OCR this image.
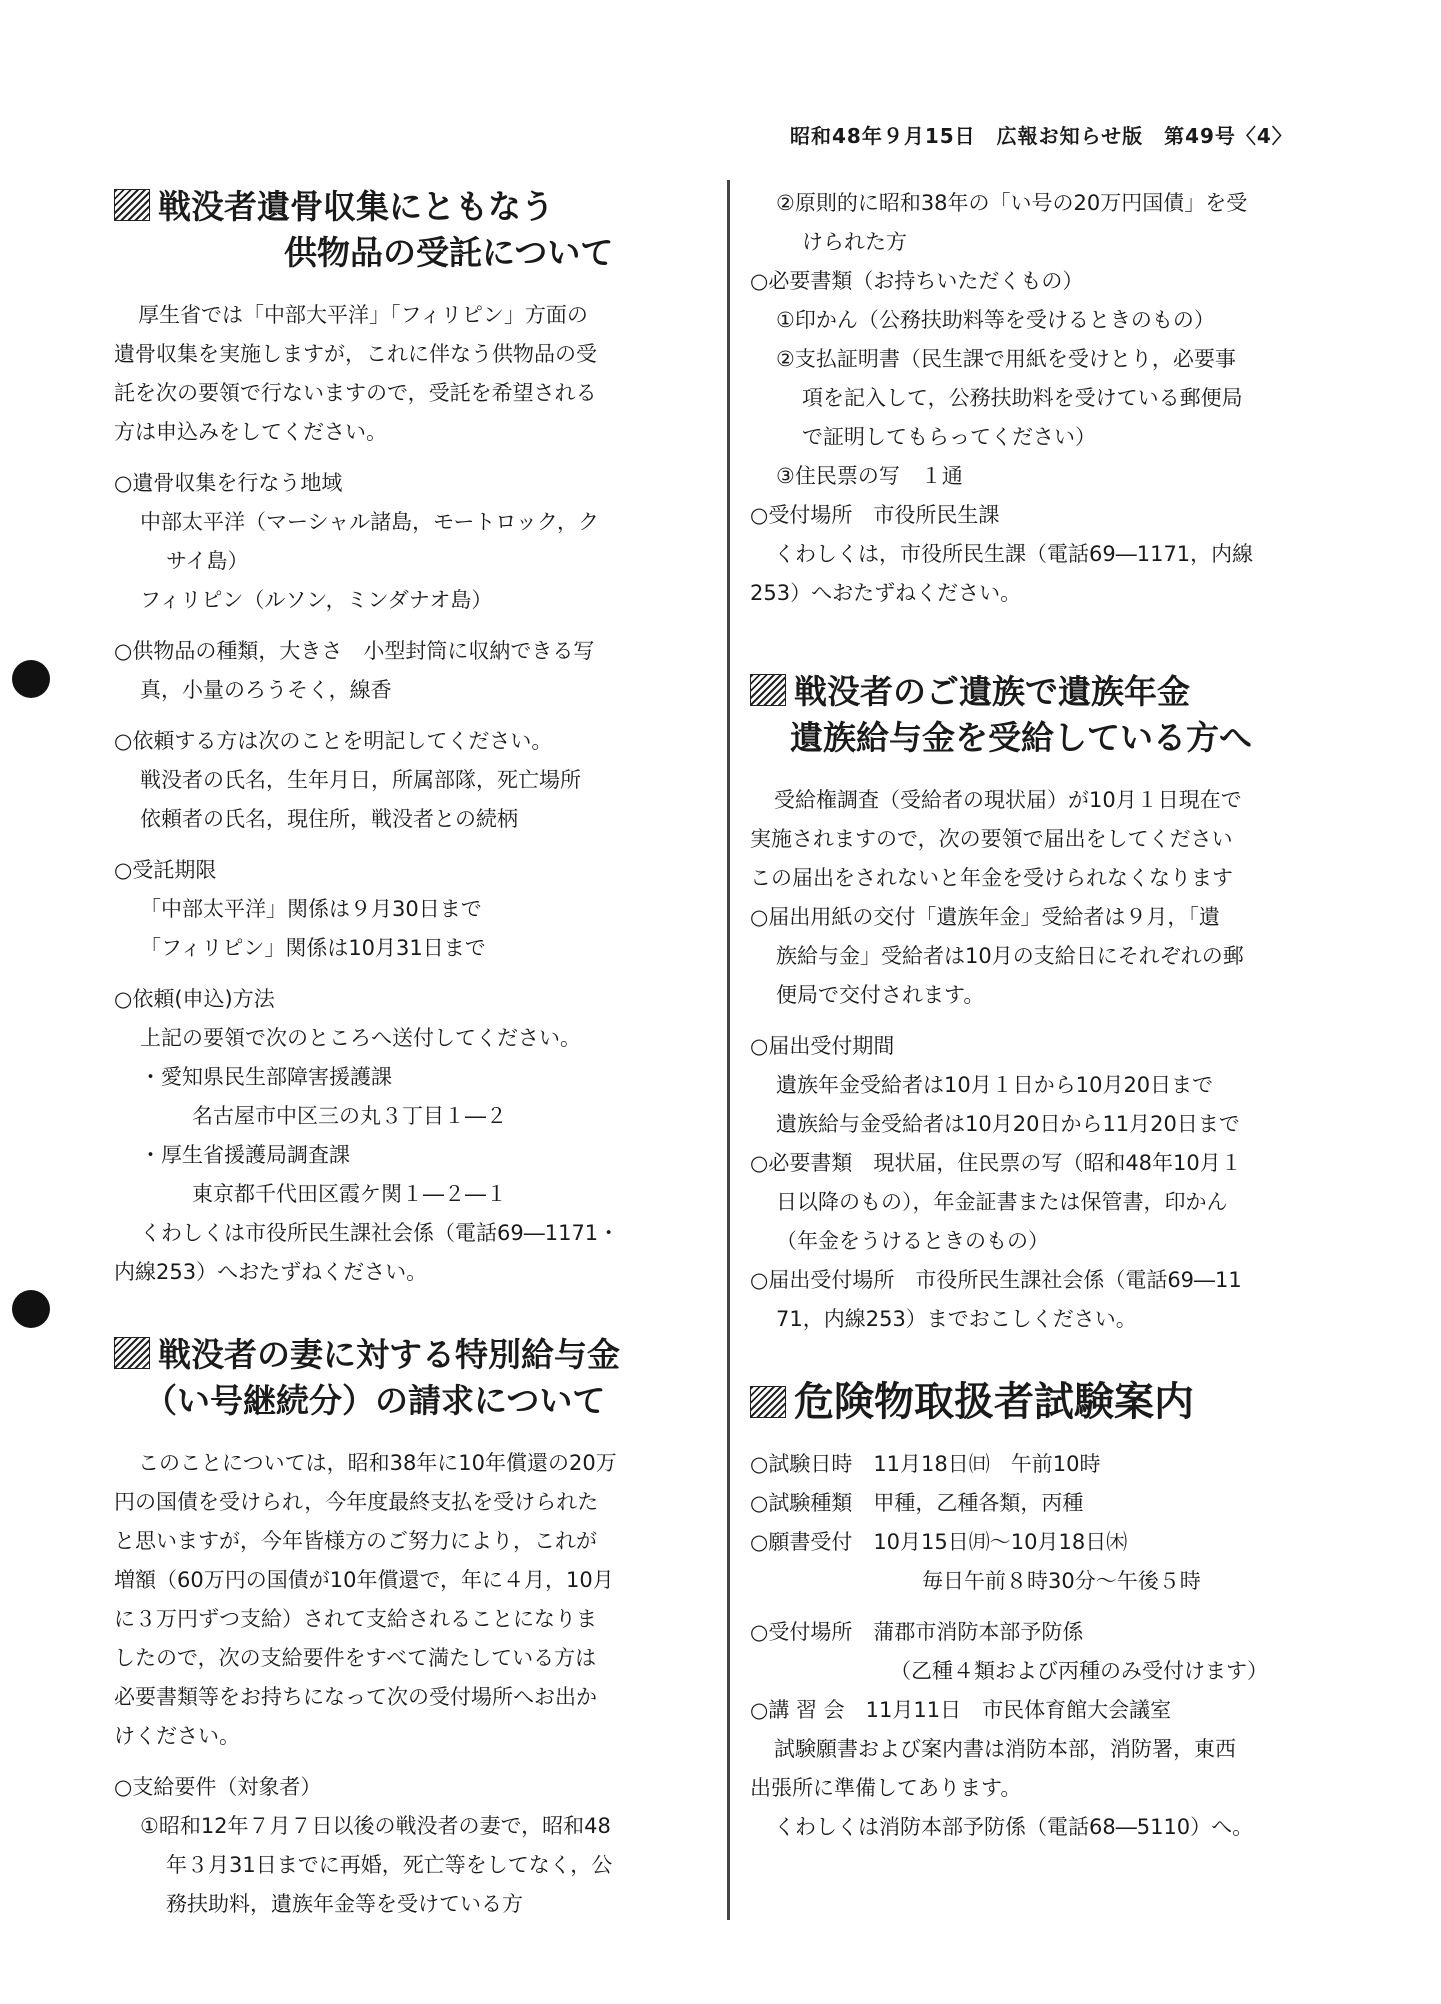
昭和48年９月15日　広報お知らせ版　第49号〈4〉
戦没者遺骨収集にともなう
供物品の受託について

厚生省では「中部大平洋」「フィリピン」方面の

遺骨収集を実施しますが，これに伴なう供物品の受

託を次の要領で行ないますので，受託を希望される

方は申込みをしてください。

○遺骨収集を行なう地域

中部太平洋（マーシャル諸島，モートロック，ク

サイ島）

フィリピン（ルソン，ミンダナオ島）

○供物品の種類，大きさ　小型封筒に収納できる写

真，小量のろうそく，線香

○依頼する方は次のことを明記してください。

戦没者の氏名，生年月日，所属部隊，死亡場所

依頼者の氏名，現住所，戦没者との続柄

○受託期限

「中部太平洋」関係は９月30日まで

「フィリピン」関係は10月31日まで

○依頼(申込)方法

上記の要領で次のところへ送付してください。

・愛知県民生部障害援護課

名古屋市中区三の丸３丁目１―２

・厚生省援護局調査課

東京都千代田区霞ケ関１―２―１

くわしくは市役所民生課社会係（電話69―1171・

内線253）へおたずねください。

戦没者の妻に対する特別給与金
（い号継続分）の請求について

このことについては，昭和38年に10年償還の20万

円の国債を受けられ，今年度最終支払を受けられた

と思いますが，今年皆様方のご努力により，これが

増額（60万円の国債が10年償還で，年に４月，10月

に３万円ずつ支給）されて支給されることになりま

したので，次の支給要件をすべて満たしている方は

必要書類等をお持ちになって次の受付場所へお出か

けください。

○支給要件（対象者）

①昭和12年７月７日以後の戦没者の妻で，昭和48

年３月31日までに再婚，死亡等をしてなく，公

務扶助料，遺族年金等を受けている方

②原則的に昭和38年の「い号の20万円国債」を受

けられた方

○必要書類（お持ちいただくもの）

①印かん（公務扶助料等を受けるときのもの）

②支払証明書（民生課で用紙を受けとり，必要事

項を記入して，公務扶助料を受けている郵便局

で証明してもらってください）

③住民票の写　１通

○受付場所　市役所民生課

くわしくは，市役所民生課（電話69―1171，内線

253）へおたずねください。

戦没者のご遺族で遺族年金
遺族給与金を受給している方へ

受給権調査（受給者の現状届）が10月１日現在で

実施されますので，次の要領で届出をしてください

この届出をされないと年金を受けられなくなります

○届出用紙の交付「遺族年金」受給者は９月，「遺

族給与金」受給者は10月の支給日にそれぞれの郵

便局で交付されます。

○届出受付期間

遺族年金受給者は10月１日から10月20日まで

遺族給与金受給者は10月20日から11月20日まで

○必要書類　現状届，住民票の写（昭和48年10月１

日以降のもの），年金証書または保管書，印かん

（年金をうけるときのもの）

○届出受付場所　市役所民生課社会係（電話69―11

71，内線253）までおこしください。

危険物取扱者試験案内

○試験日時　11月18日㈰　午前10時

○試験種類　甲種，乙種各類，丙種

○願書受付　10月15日㈪～10月18日㈭

毎日午前８時30分～午後５時

○受付場所　蒲郡市消防本部予防係

（乙種４類および丙種のみ受付けます）

○講 習 会　11月11日　市民体育館大会議室

試験願書および案内書は消防本部，消防署，東西

出張所に準備してあります。

くわしくは消防本部予防係（電話68―5110）へ。
